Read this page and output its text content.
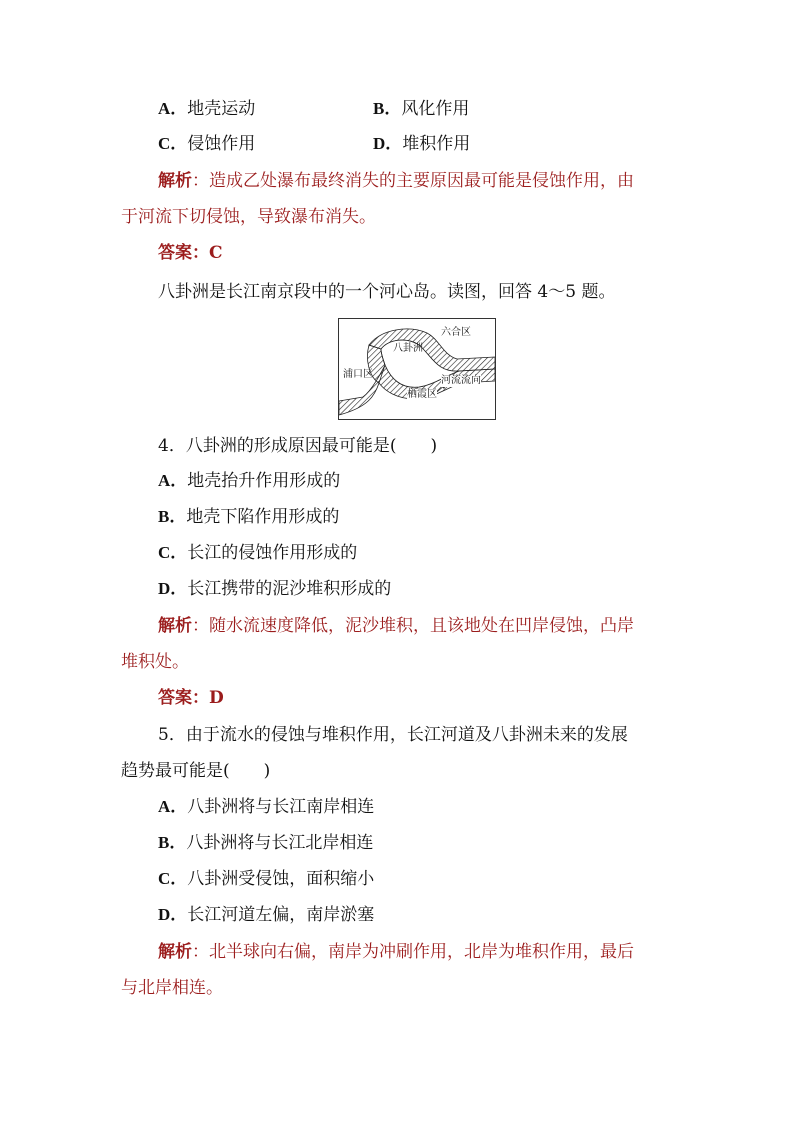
A．地壳运动	B．风化作用
C．侵蚀作用	D．堆积作用
解析：造成乙处瀑布最终消失的主要原因最可能是侵蚀作用，由
于河流下切侵蚀，导致瀑布消失。
答案：C
八卦洲是长江南京段中的一个河心岛。读图，回答 4～5 题。
六合区
八卦洲
浦口区
河流流向
栖霞区
4．八卦洲的形成原因最可能是(　　)
A．地壳抬升作用形成的
B．地壳下陷作用形成的
C．长江的侵蚀作用形成的
D．长江携带的泥沙堆积形成的
解析：随水流速度降低，泥沙堆积，且该地处在凹岸侵蚀，凸岸
堆积处。
答案：D
5．由于流水的侵蚀与堆积作用，长江河道及八卦洲未来的发展
趋势最可能是(　　)
A．八卦洲将与长江南岸相连
B．八卦洲将与长江北岸相连
C．八卦洲受侵蚀，面积缩小
D．长江河道左偏，南岸淤塞
解析：北半球向右偏，南岸为冲刷作用，北岸为堆积作用，最后
与北岸相连。
